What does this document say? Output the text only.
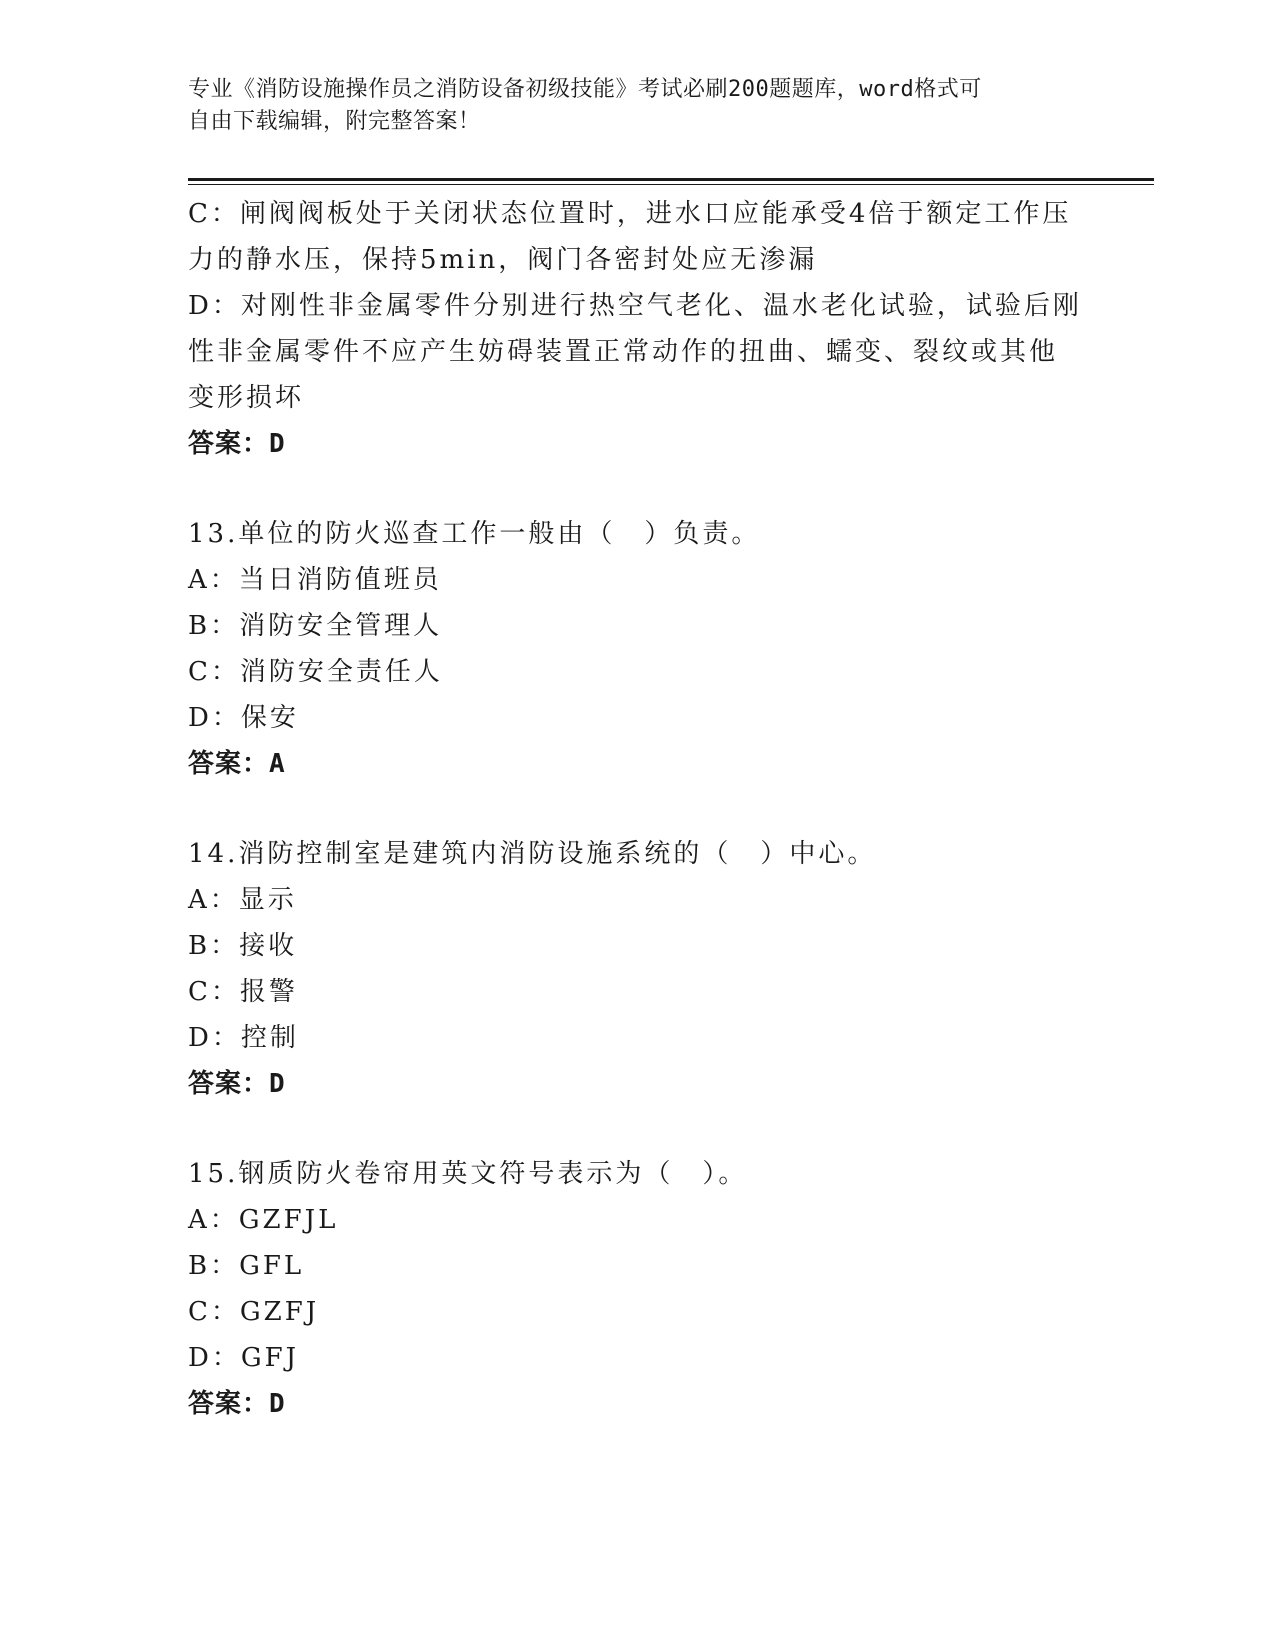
专业《消防设施操作员之消防设备初级技能》考试必刷200题题库，word格式可
自由下载编辑，附完整答案！
C：闸阀阀板处于关闭状态位置时，进水口应能承受4倍于额定工作压
力的静水压，保持5min，阀门各密封处应无渗漏
D：对刚性非金属零件分别进行热空气老化、温水老化试验，试验后刚
性非金属零件不应产生妨碍装置正常动作的扭曲、蠕变、裂纹或其他
变形损坏
答案：D
13.单位的防火巡查工作一般由（　）负责。
A：当日消防值班员
B：消防安全管理人
C：消防安全责任人
D：保安
答案：A
14.消防控制室是建筑内消防设施系统的（　）中心。
A：显示
B：接收
C：报警
D：控制
答案：D
15.钢质防火卷帘用英文符号表示为（　）。
A：GZFJL
B：GFL
C：GZFJ
D：GFJ
答案：D
